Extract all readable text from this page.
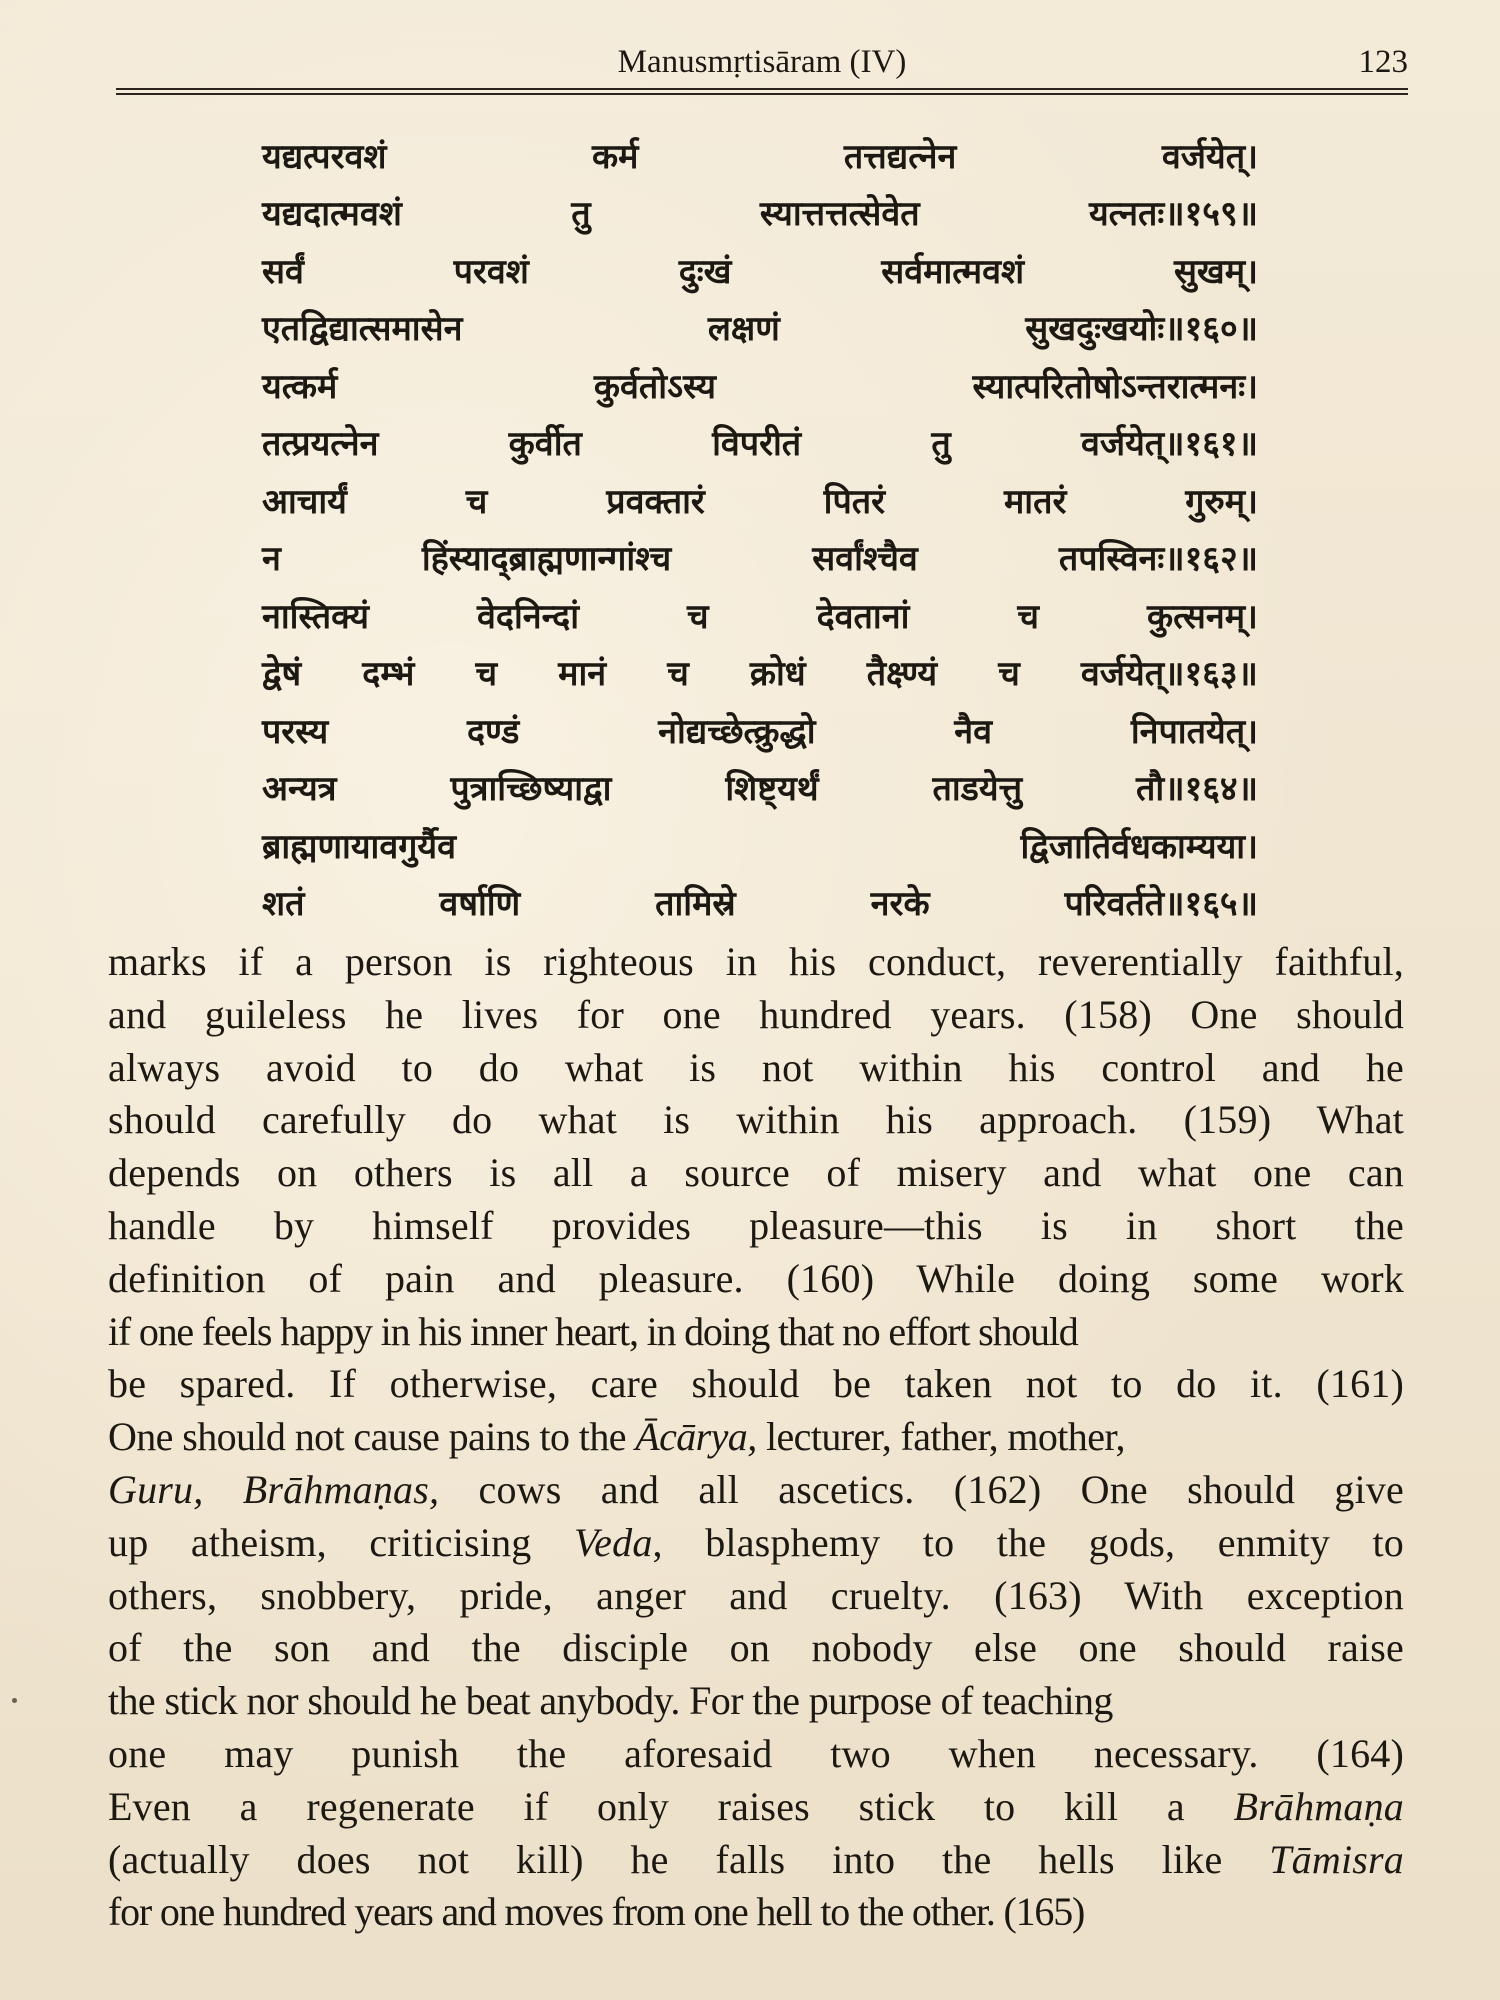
Manusmṛtisāram (IV)	123
यद्यत्परवशं	कर्म	तत्तद्यत्नेन	वर्जयेत्।
यद्यदात्मवशं	तु	स्यात्तत्तत्सेवेत	यत्नतः॥१५९॥
सर्वं	परवशं	दुःखं	सर्वमात्मवशं	सुखम्।
एतद्विद्यात्समासेन	लक्षणं	सुखदुःखयोः॥१६०॥
यत्कर्म	कुर्वतोऽस्य	स्यात्परितोषोऽन्तरात्मनः।
तत्प्रयत्नेन	कुर्वीत	विपरीतं	तु	वर्जयेत्॥१६१॥
आचार्यं	च	प्रवक्तारं	पितरं	मातरं	गुरुम्।
न	हिंस्याद्ब्राह्मणान्गांश्च	सर्वांश्चैव	तपस्विनः॥१६२॥
नास्तिक्यं	वेदनिन्दां	च	देवतानां	च	कुत्सनम्।
द्वेषं दम्भं च मानं च क्रोधं तैक्ष्ण्यं च वर्जयेत्॥१६३॥
परस्य	दण्डं	नोद्यच्छेत्क्रुद्धो	नैव	निपातयेत्।
अन्यत्र	पुत्राच्छिष्याद्वा	शिष्ट्यर्थं	ताडयेत्तु	तौ॥१६४॥
ब्राह्मणायावगुर्यैव	द्विजातिर्वधकाम्यया।
शतं	वर्षाणि	तामिस्रे	नरके	परिवर्तते॥१६५॥
marks if a person is righteous in his conduct, reverentially faithful,
and guileless he lives for one hundred years. (158) One should
always avoid to do what is not within his control and he
should carefully do what is within his approach. (159) What
depends on others is all a source of misery and what one can
handle by himself provides pleasure—this is in short the
definition of pain and pleasure. (160) While doing some work
if one feels happy in his inner heart, in doing that no effort should
be spared. If otherwise, care should be taken not to do it. (161)
One should not cause pains to the Ācārya, lecturer, father, mother,
Guru, Brāhmaṇas, cows and all ascetics. (162) One should give
up atheism, criticising Veda, blasphemy to the gods, enmity to
others, snobbery, pride, anger and cruelty. (163) With exception
of the son and the disciple on nobody else one should raise
the stick nor should he beat anybody. For the purpose of teaching
one may punish the aforesaid two when necessary. (164)
Even a regenerate if only raises stick to kill a Brāhmaṇa
(actually does not kill) he falls into the hells like Tāmisra
for one hundred years and moves from one hell to the other. (165)
